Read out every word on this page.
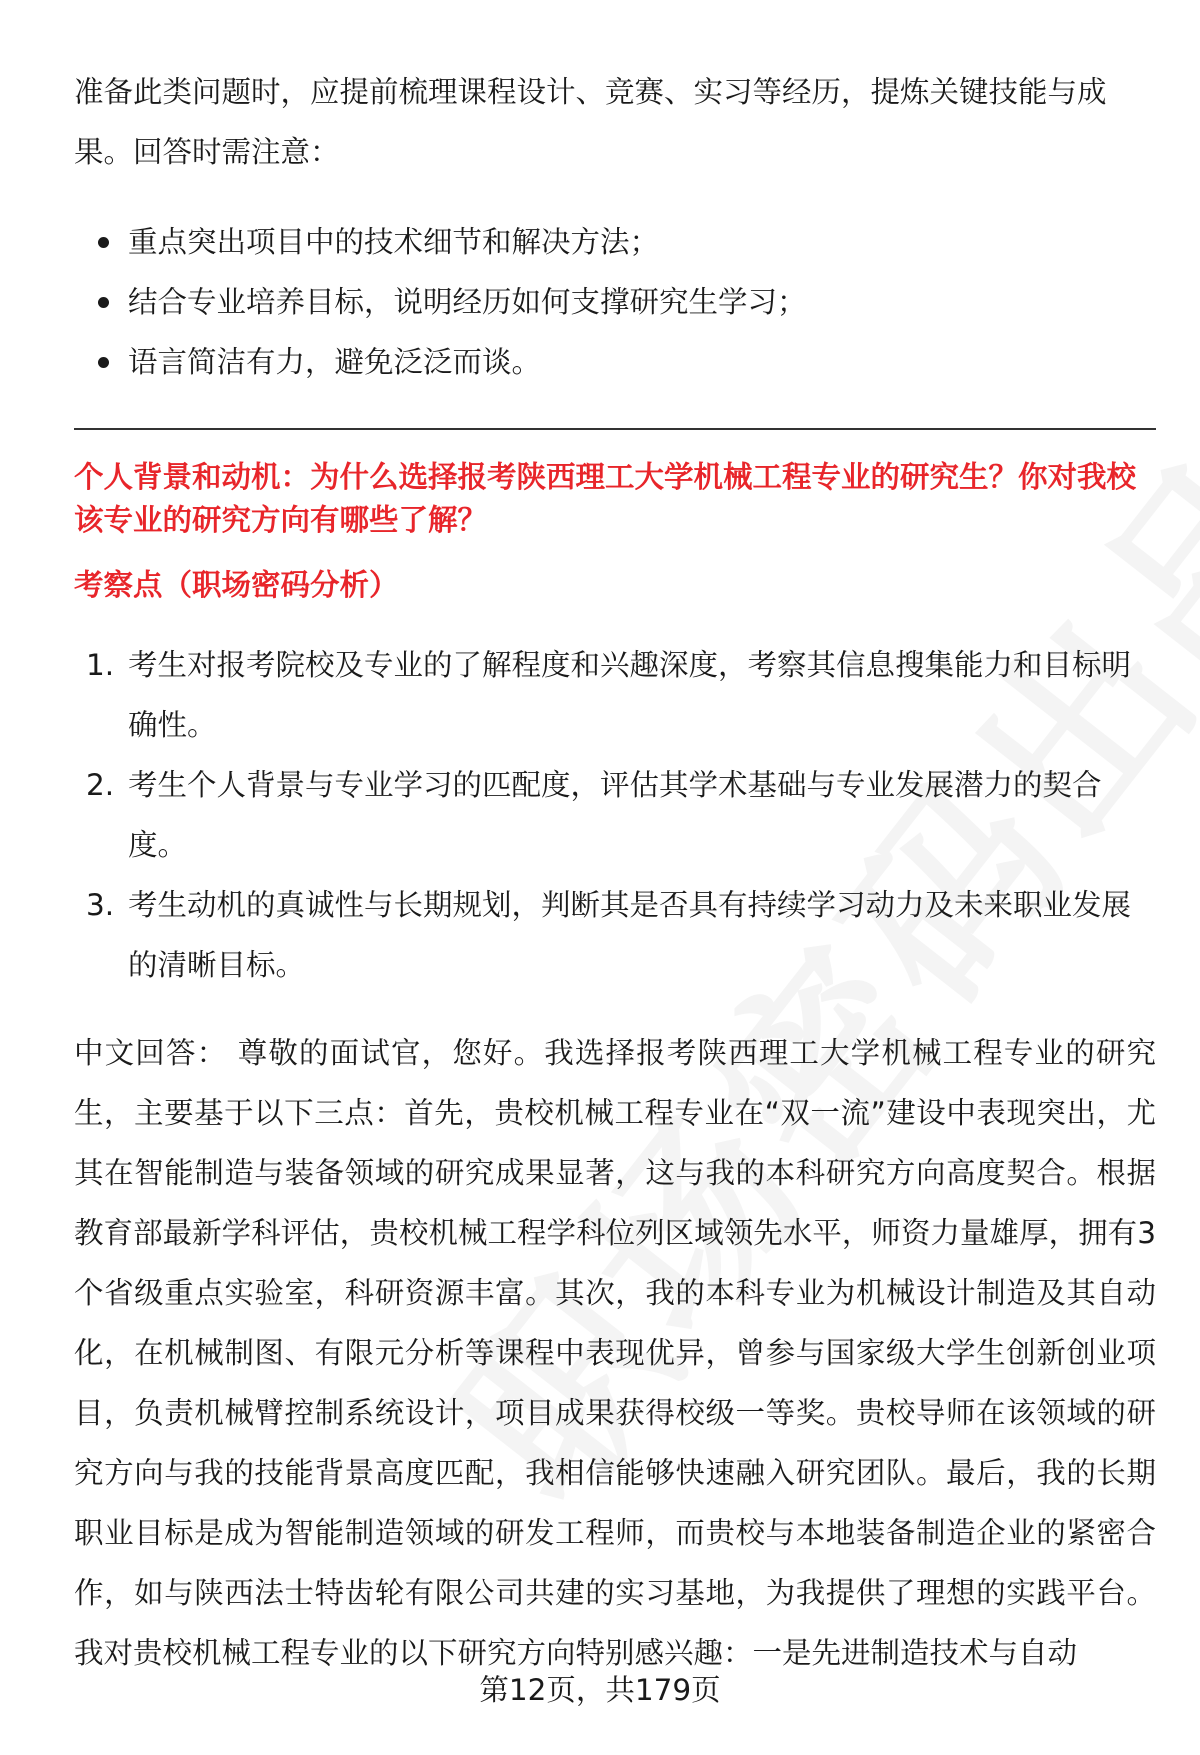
准备此类问题时，应提前梳理课程设计、竞赛、实习等经历，提炼关键技能与成果。回答时需注意：

重点突出项目中的技术细节和解决方法；
结合专业培养目标，说明经历如何支撑研究生学习；
语言简洁有力，避免泛泛而谈。

个人背景和动机：为什么选择报考陕西理工大学机械工程专业的研究生？你对我校该专业的研究方向有哪些了解？

考察点（职场密码分析）

1. 考生对报考院校及专业的了解程度和兴趣深度，考察其信息搜集能力和目标明确性。
2. 考生个人背景与专业学习的匹配度，评估其学术基础与专业发展潜力的契合度。
3. 考生动机的真诚性与长期规划，判断其是否具有持续学习动力及未来职业发展的清晰目标。

中文回答： 尊敬的面试官，您好。我选择报考陕西理工大学机械工程专业的研究生，主要基于以下三点：首先，贵校机械工程专业在“双一流”建设中表现突出，尤其在智能制造与装备领域的研究成果显著，这与我的本科研究方向高度契合。根据教育部最新学科评估，贵校机械工程学科位列区域领先水平，师资力量雄厚，拥有3个省级重点实验室，科研资源丰富。其次，我的本科专业为机械设计制造及其自动化，在机械制图、有限元分析等课程中表现优异，曾参与国家级大学生创新创业项目，负责机械臂控制系统设计，项目成果获得校级一等奖。贵校导师在该领域的研究方向与我的技能背景高度匹配，我相信能够快速融入研究团队。最后，我的长期职业目标是成为智能制造领域的研发工程师，而贵校与本地装备制造企业的紧密合作，如与陕西法士特齿轮有限公司共建的实习基地，为我提供了理想的实践平台。我对贵校机械工程专业的以下研究方向特别感兴趣：一是先进制造技术与自动

第12页，共179页
